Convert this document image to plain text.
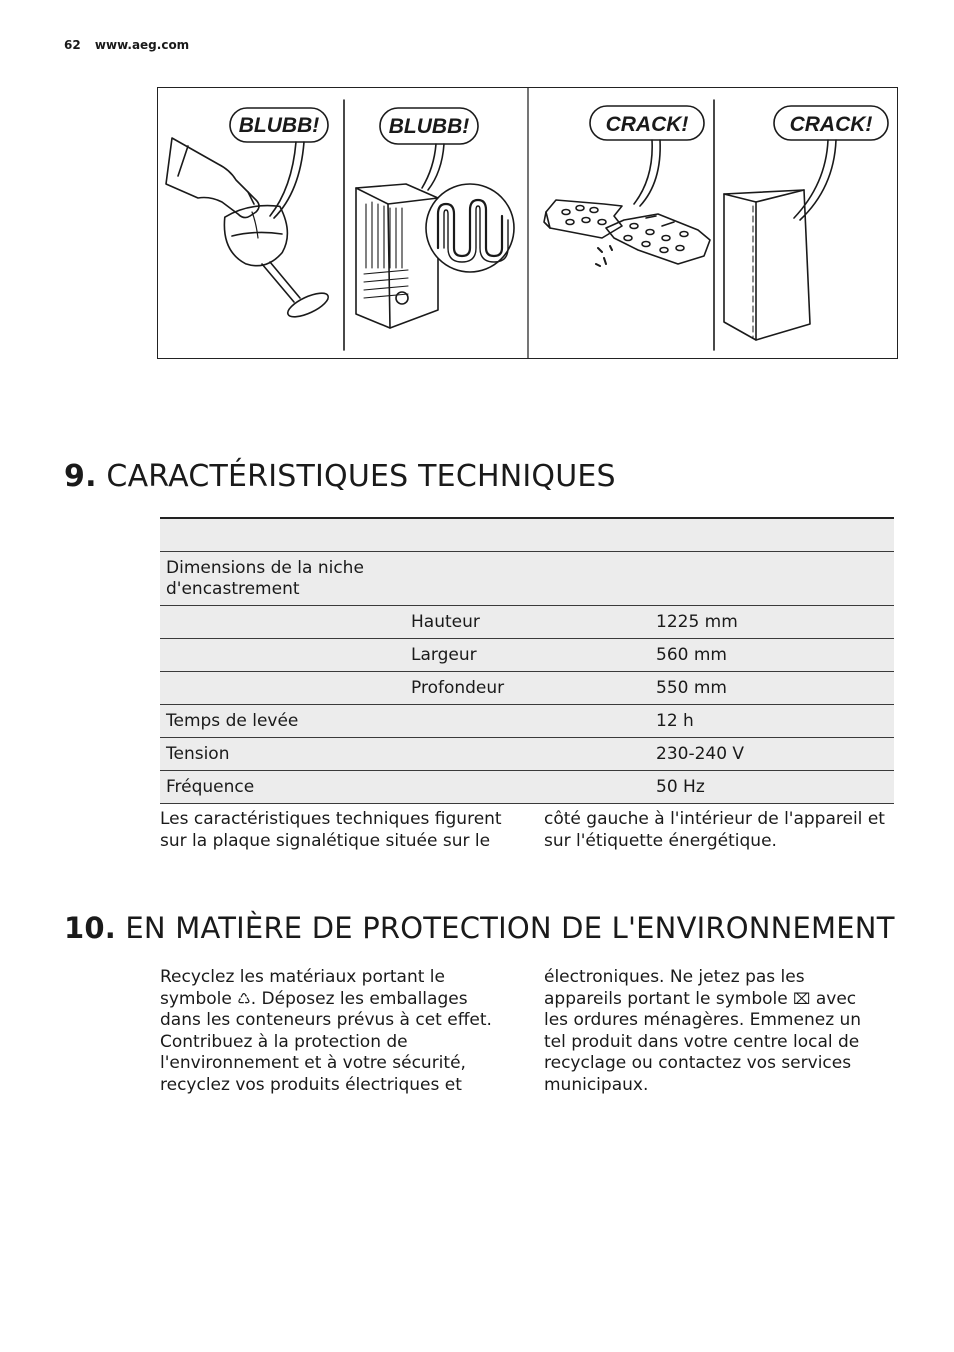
62 www.aeg.com
BLUBB!	BLUBB!	CRACK!	CRACK!
9. CARACTÉRISTIQUES TECHNIQUES

Dimensions de la niche d'encastrement		
	Hauteur	1225 mm
	Largeur	560 mm
	Profondeur	550 mm
Temps de levée		12 h
Tension		230-240 V
Fréquence		50 Hz
Les caractéristiques techniques figurent sur la plaque signalétique située sur le
côté gauche à l'intérieur de l'appareil et sur l'étiquette énergétique.
10. EN MATIÈRE DE PROTECTION DE L'ENVIRONNEMENT
Recyclez les matériaux portant le symbole ♺. Déposez les emballages dans les conteneurs prévus à cet effet.
Contribuez à la protection de l'environnement et à votre sécurité, recyclez vos produits électriques et
électroniques. Ne jetez pas les appareils portant le symbole ⌧ avec les ordures ménagères. Emmenez un tel produit dans votre centre local de recyclage ou contactez vos services municipaux.
